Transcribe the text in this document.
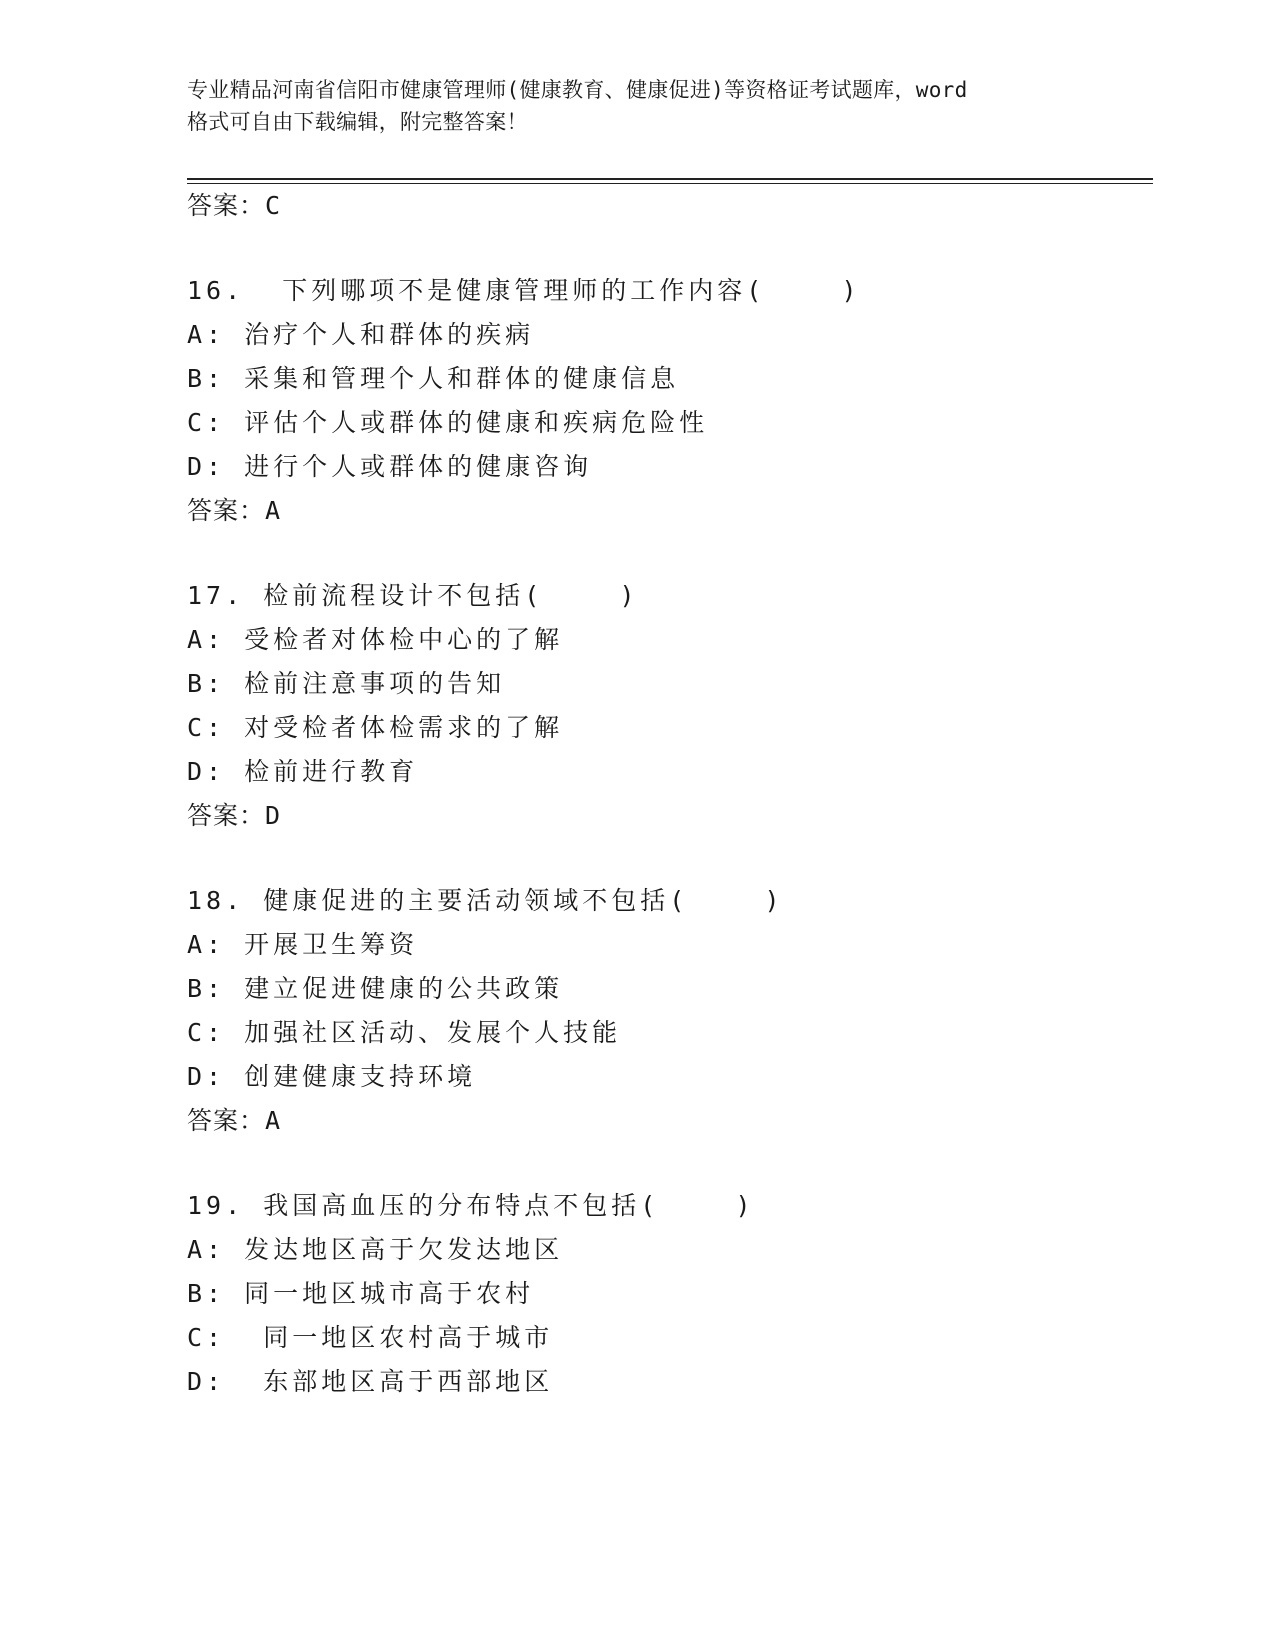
专业精品河南省信阳市健康管理师(健康教育、健康促进)等资格证考试题库，word
格式可自由下载编辑，附完整答案！
答案：C
16.  下列哪项不是健康管理师的工作内容(    )
A: 治疗个人和群体的疾病
B: 采集和管理个人和群体的健康信息
C: 评估个人或群体的健康和疾病危险性
D: 进行个人或群体的健康咨询
答案：A
17. 检前流程设计不包括(    )
A: 受检者对体检中心的了解
B: 检前注意事项的告知
C: 对受检者体检需求的了解
D: 检前进行教育
答案：D
18. 健康促进的主要活动领域不包括(    )
A: 开展卫生筹资
B: 建立促进健康的公共政策
C: 加强社区活动、发展个人技能
D: 创建健康支持环境
答案：A
19. 我国高血压的分布特点不包括(    )
A: 发达地区高于欠发达地区
B: 同一地区城市高于农村
C:  同一地区农村高于城市
D:  东部地区高于西部地区
